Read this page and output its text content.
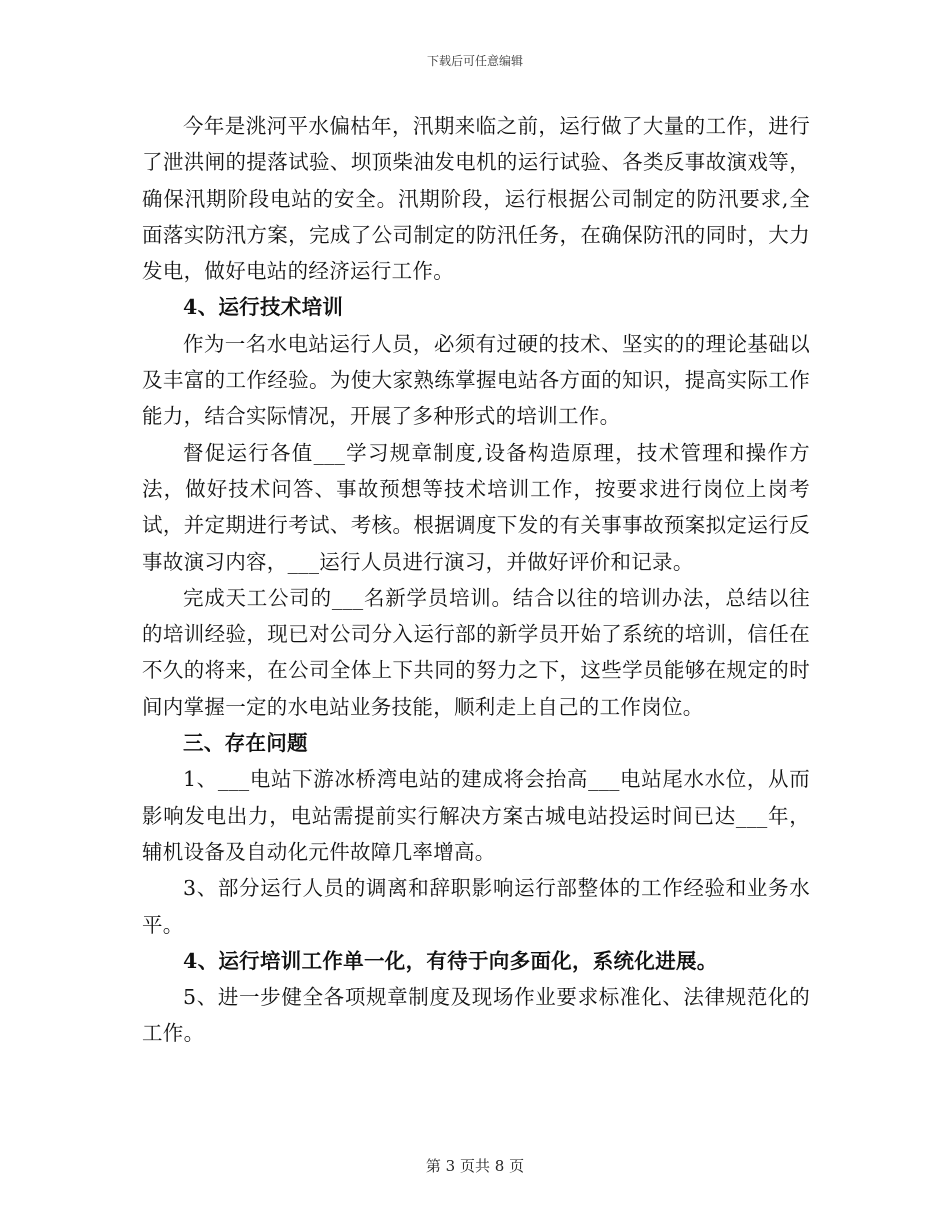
下载后可任意编辑

今年是洮河平水偏枯年，汛期来临之前，运行做了大量的工作，进行了泄洪闸的提落试验、坝顶柴油发电机的运行试验、各类反事故演戏等，确保汛期阶段电站的安全。汛期阶段，运行根据公司制定的防汛要求,全面落实防汛方案，完成了公司制定的防汛任务，在确保防汛的同时，大力发电，做好电站的经济运行工作。

4、运行技术培训

作为一名水电站运行人员，必须有过硬的技术、坚实的的理论基础以及丰富的工作经验。为使大家熟练掌握电站各方面的知识，提高实际工作能力，结合实际情况，开展了多种形式的培训工作。

督促运行各值___学习规章制度,设备构造原理，技术管理和操作方法，做好技术问答、事故预想等技术培训工作，按要求进行岗位上岗考试，并定期进行考试、考核。根据调度下发的有关事事故预案拟定运行反事故演习内容，___运行人员进行演习，并做好评价和记录。

完成天工公司的___名新学员培训。结合以往的培训办法，总结以往的培训经验，现已对公司分入运行部的新学员开始了系统的培训，信任在不久的将来，在公司全体上下共同的努力之下，这些学员能够在规定的时间内掌握一定的水电站业务技能，顺利走上自己的工作岗位。

三、存在问题

1、___电站下游冰桥湾电站的建成将会抬高___电站尾水水位，从而影响发电出力，电站需提前实行解决方案古城电站投运时间已达___年，辅机设备及自动化元件故障几率增高。

3、部分运行人员的调离和辞职影响运行部整体的工作经验和业务水平。

4、运行培训工作单一化，有待于向多面化，系统化进展。

5、进一步健全各项规章制度及现场作业要求标准化、法律规范化的工作。

第 3 页共 8 页
